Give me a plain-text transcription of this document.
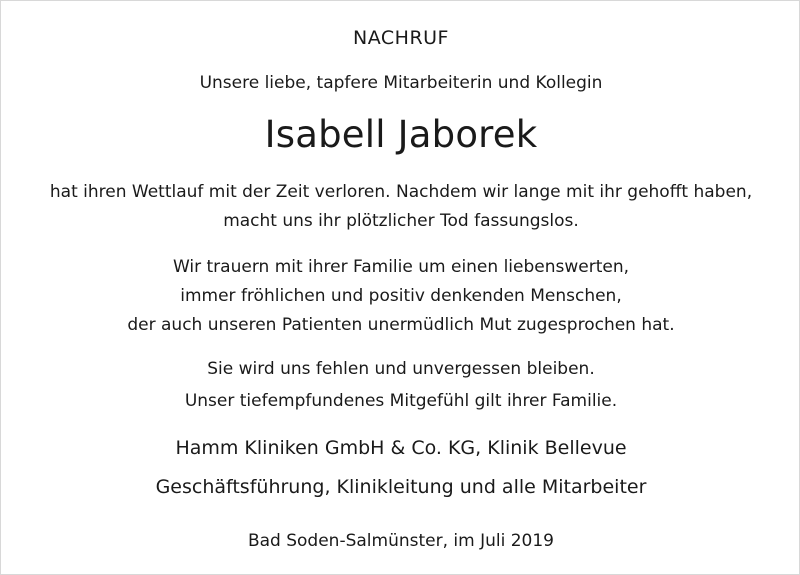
NACHRUF
Unsere liebe, tapfere Mitarbeiterin und Kollegin
Isabell Jaborek
hat ihren Wettlauf mit der Zeit verloren. Nachdem wir lange mit ihr gehofft haben,
macht uns ihr plötzlicher Tod fassungslos.
Wir trauern mit ihrer Familie um einen liebenswerten,
immer fröhlichen und positiv denkenden Menschen,
der auch unseren Patienten unermüdlich Mut zugesprochen hat.
Sie wird uns fehlen und unvergessen bleiben.
Unser tiefempfundenes Mitgefühl gilt ihrer Familie.
Hamm Kliniken GmbH & Co. KG, Klinik Bellevue
Geschäftsführung, Klinikleitung und alle Mitarbeiter
Bad Soden-Salmünster, im Juli 2019
